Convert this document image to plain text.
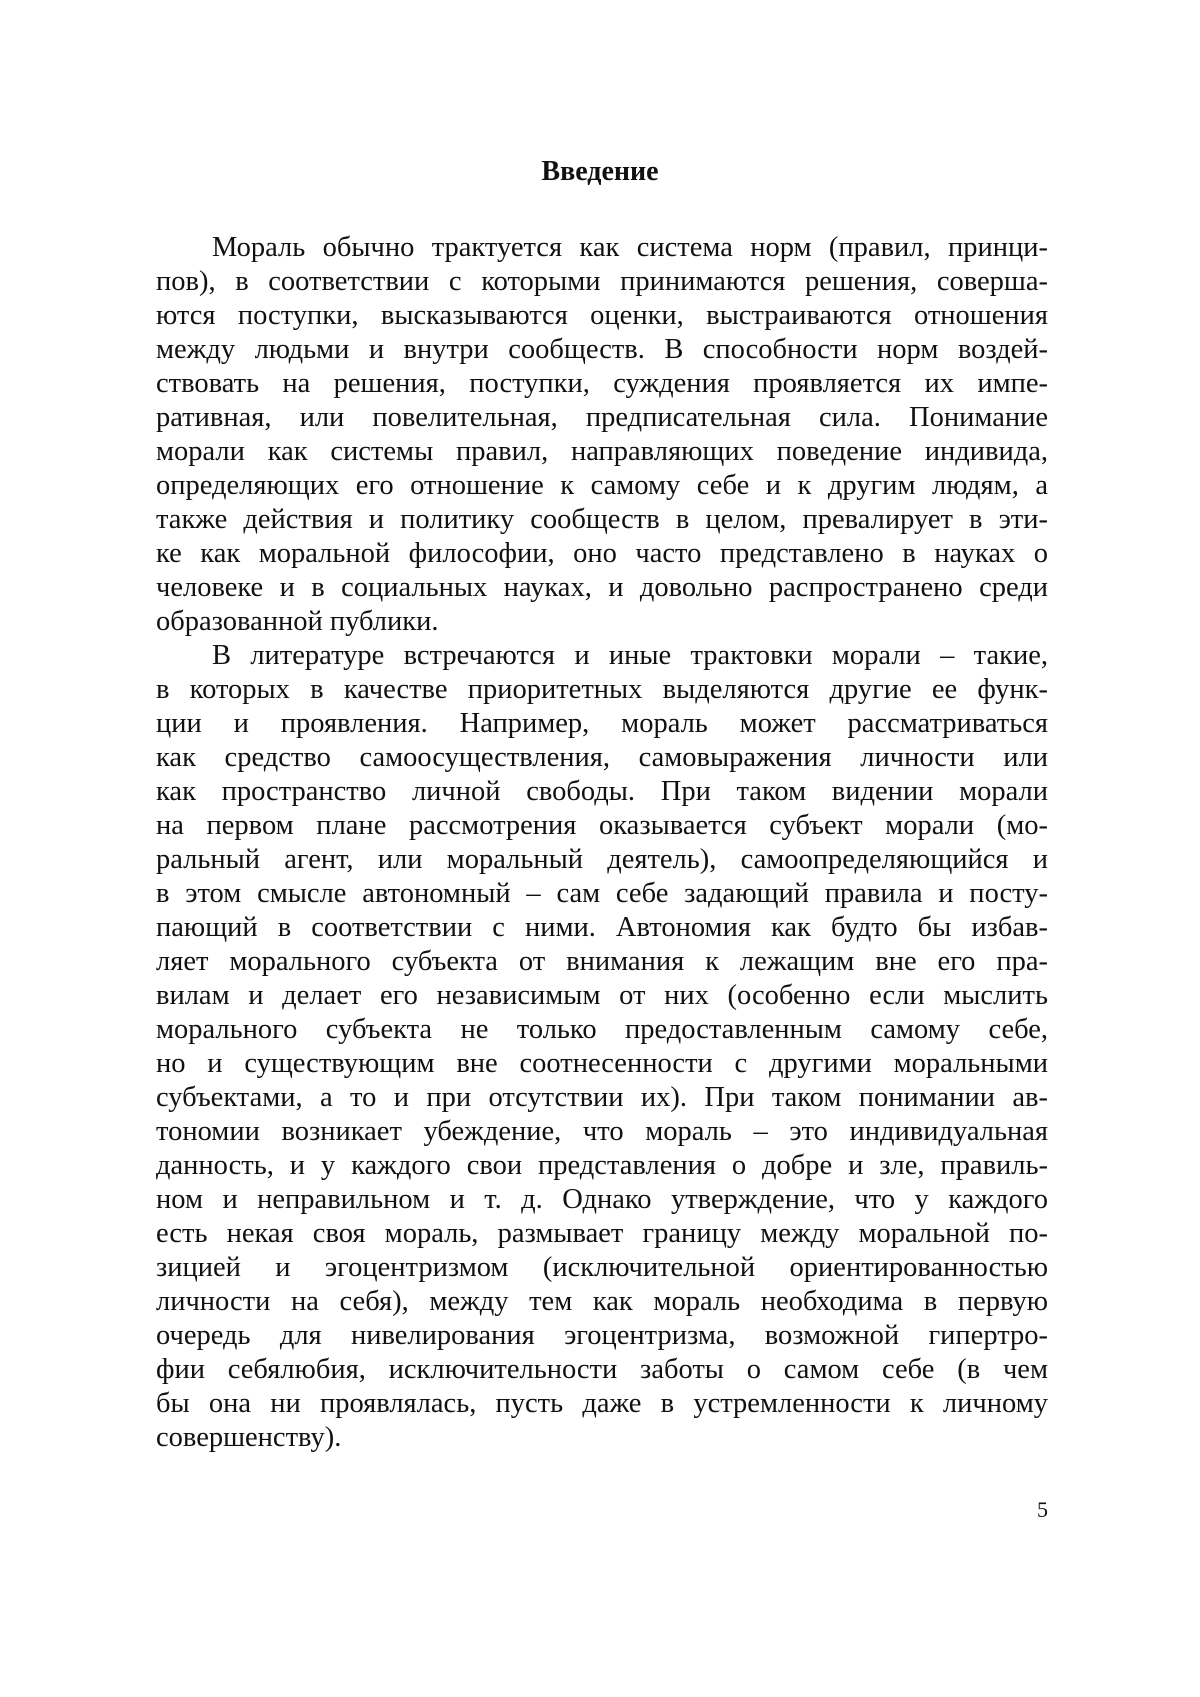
Введение
Мораль обычно трактуется как система норм (правил, принци-
пов), в соответствии с которыми принимаются решения, соверша-
ются поступки, высказываются оценки, выстраиваются отношения
между людьми и внутри сообществ. В способности норм воздей-
ствовать на решения, поступки, суждения проявляется их импе-
ративная, или повелительная, предписательная сила. Понимание
морали как системы правил, направляющих поведение индивида,
определяющих его отношение к самому себе и к другим людям, а
также действия и политику сообществ в целом, превалирует в эти-
ке как моральной философии, оно часто представлено в науках о
человеке и в социальных науках, и довольно распространено среди
образованной публики.
В литературе встречаются и иные трактовки морали – такие,
в которых в качестве приоритетных выделяются другие ее функ-
ции и проявления. Например, мораль может рассматриваться
как средство самоосуществления, самовыражения личности или
как пространство личной свободы. При таком видении морали
на первом плане рассмотрения оказывается субъект морали (мо-
ральный агент, или моральный деятель), самоопределяющийся и
в этом смысле автономный – сам себе задающий правила и посту-
пающий в соответствии с ними. Автономия как будто бы избав-
ляет морального субъекта от внимания к лежащим вне его пра-
вилам и делает его независимым от них (особенно если мыслить
морального субъекта не только предоставленным самому себе,
но и существующим вне соотнесенности с другими моральными
субъектами, а то и при отсутствии их). При таком понимании ав-
тономии возникает убеждение, что мораль – это индивидуальная
данность, и у каждого свои представления о добре и зле, правиль-
ном и неправильном и т. д. Однако утверждение, что у каждого
есть некая своя мораль, размывает границу между моральной по-
зицией и эгоцентризмом (исключительной ориентированностью
личности на себя), между тем как мораль необходима в первую
очередь для нивелирования эгоцентризма, возможной гипертро-
фии себялюбия, исключительности заботы о самом себе (в чем
бы она ни проявлялась, пусть даже в устремленности к личному
совершенству).
5
